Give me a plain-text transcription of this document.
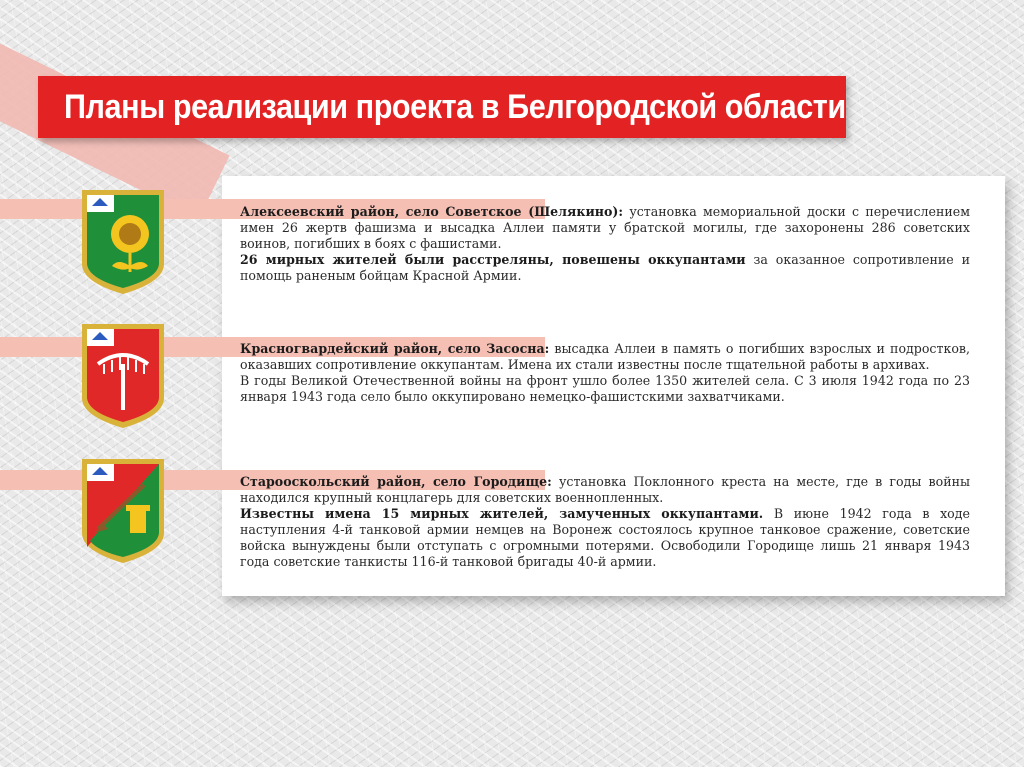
Планы реализации проекта в Белгородской области

Алексеевский район, село Советское (Шелякино): установка мемориальной доски с перечислением имен 26 жертв фашизма и высадка Аллеи памяти у братской могилы, где захоронены 286 советских воинов, погибших в боях с фашистами.

26 мирных жителей были расстреляны, повешены оккупантами за оказанное сопротивление и помощь раненым бойцам Красной Армии.

Красногвардейский район, село Засосна: высадка Аллеи в память о погибших взрослых и подростков, оказавших сопротивление оккупантам. Имена их стали известны после тщательной работы в архивах.

В годы Великой Отечественной войны на фронт ушло более 1350 жителей села. С 3 июля 1942 года по 23 января 1943 года село было оккупировано немецко-фашистскими захватчиками.

Старооскольский район, село Городище: установка Поклонного креста на месте, где в годы войны находился крупный концлагерь для советских военнопленных.

Известны имена 15 мирных жителей, замученных оккупантами. В июне 1942 года в ходе наступления 4-й танковой армии немцев на Воронеж состоялось крупное танковое сражение, советские войска вынуждены были отступать с огромными потерями. Освободили Городище лишь 21 января 1943 года советские танкисты 116-й танковой бригады 40-й армии.
